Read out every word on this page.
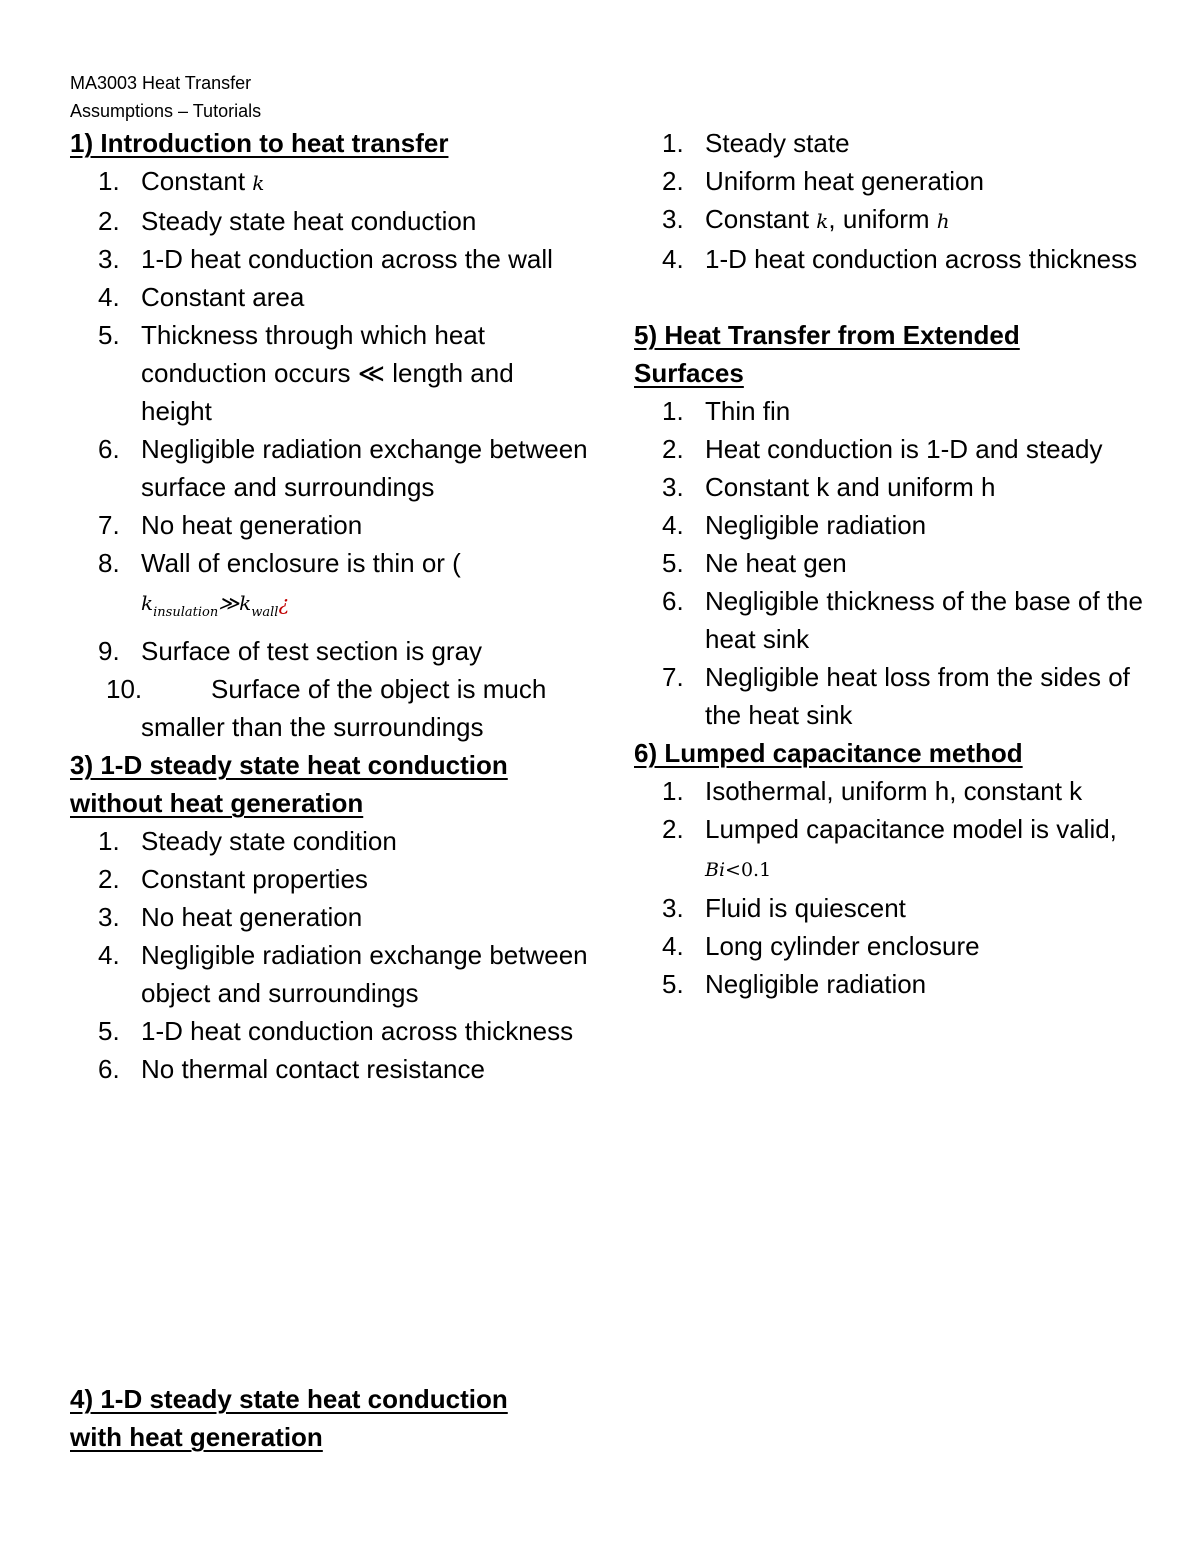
MA3003 Heat Transfer
Assumptions – Tutorials

1) Introduction to heat transfer

1. Constant k
2. Steady state heat conduction
3. 1-D heat conduction across the wall
4. Constant area
5. Thickness through which heat conduction occurs ≪ length and height
6. Negligible radiation exchange between surface and surroundings
7. No heat generation
8. Wall of enclosure is thin or (
$k_{insulation}≫k_{wall}¿$
9. Surface of test section is gray
10.	Surface of the object is much smaller than the surroundings

3) 1-D steady state heat conduction
without heat generation

1. Steady state condition
2. Constant properties
3. No heat generation
4. Negligible radiation exchange between object and surroundings
5. 1-D heat conduction across thickness
6. No thermal contact resistance

4) 1-D steady state heat conduction
with heat generation

1. Steady state
2. Uniform heat generation
3. Constant k, uniform h
4. 1-D heat conduction across thickness

5) Heat Transfer from Extended
Surfaces

1. Thin fin
2. Heat conduction is 1-D and steady
3. Constant k and uniform h
4. Negligible radiation
5. Ne heat gen
6. Negligible thickness of the base of the heat sink
7. Negligible heat loss from the sides of the heat sink

6) Lumped capacitance method

1. Isothermal, uniform h, constant k
2. Lumped capacitance model is valid, Bi<0.1
3. Fluid is quiescent
4. Long cylinder enclosure
5. Negligible radiation
